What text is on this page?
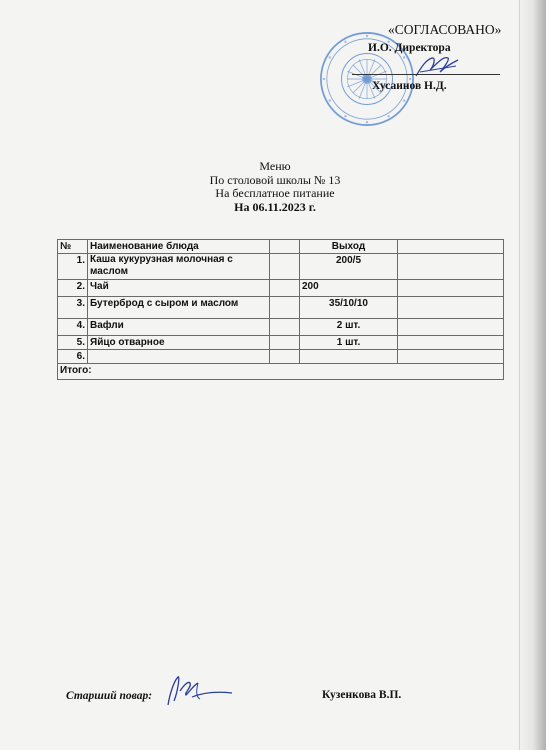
«СОГЛАСОВАНО»
И.О. Директора
Хусаинов Н.Д.
Меню
По столовой школы № 13
На бесплатное питание
На 06.11.2023 г.
№	Наименование блюда		Выход	
1.	Каша кукурузная молочная с маслом		200/5	
2.	Чай		200	
3.	Бутерброд с сыром и маслом		35/10/10	
4.	Вафли		2 шт.	
5.	Яйцо отварное		1 шт.	
6.				
Итого:				
Старший повар:	Кузенкова В.П.
